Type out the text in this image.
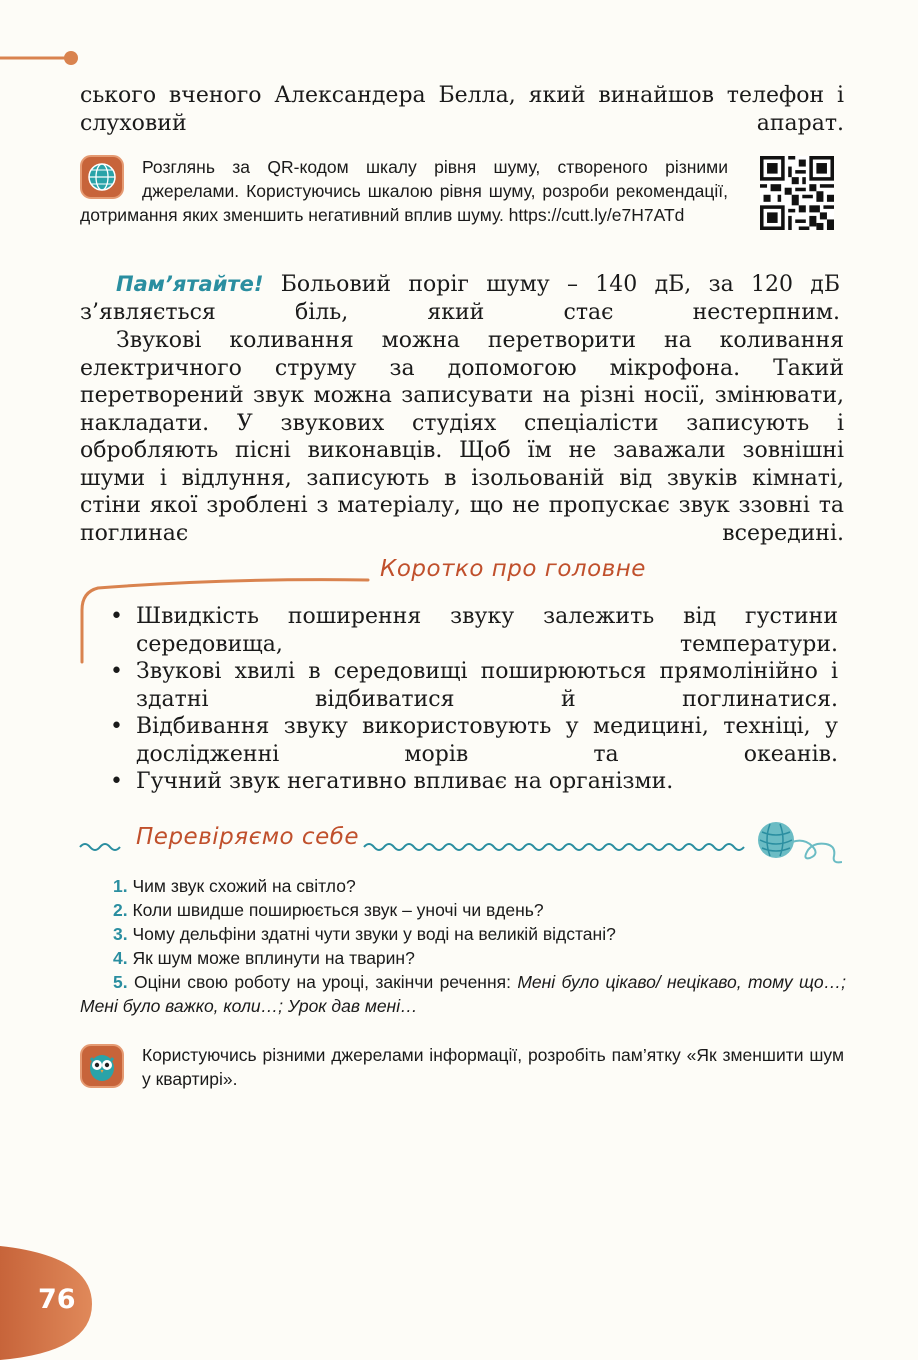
ського вченого Александера Белла, який винайшов телефон і слуховий апарат.
Розглянь за QR-кодом шкалу рівня шуму, створеного різними джерелами. Користуючись шкалою рівня шуму, розроби рекомендації, дотримання яких зменшить негативний вплив шуму. https://cutt.ly/e7H7ATd
Пам’ятайте! Больовий поріг шуму – 140 дБ, за 120 дБ з’являється біль, який стає нестерпним.
Звукові коливання можна перетворити на коливання електричного струму за допомогою мікрофона. Такий перетворений звук можна записувати на різні носії, змінювати, накладати. У звукових студіях спеціалісти записують і обробляють пісні виконавців. Щоб їм не заважали зовнішні шуми і відлуння, записують в ізольованій від звуків кімнаті, стіни якої зроблені з матеріалу, що не пропускає звук ззовні та поглинає всередині.
Коротко про головне
• Швидкість поширення звуку залежить від густини середовища, температури.
• Звукові хвилі в середовищі поширюються прямолінійно і здатні відбиватися й поглинатися.
• Відбивання звуку використовують у медицині, техніці, у дослідженні морів та океанів.
• Гучний звук негативно впливає на організми.
Перевіряємо себе
1. Чим звук схожий на світло?
2. Коли швидше поширюється звук – уночі чи вдень?
3. Чому дельфіни здатні чути звуки у воді на великій відстані?
4. Як шум може вплинути на тварин?
5. Оціни свою роботу на уроці, закінчи речення: Мені було цікаво/ нецікаво, тому що…; Мені було важко, коли…; Урок дав мені…
Користуючись різними джерелами інформації, розробіть пам’ятку «Як зменшити шум у квартирі».
76
